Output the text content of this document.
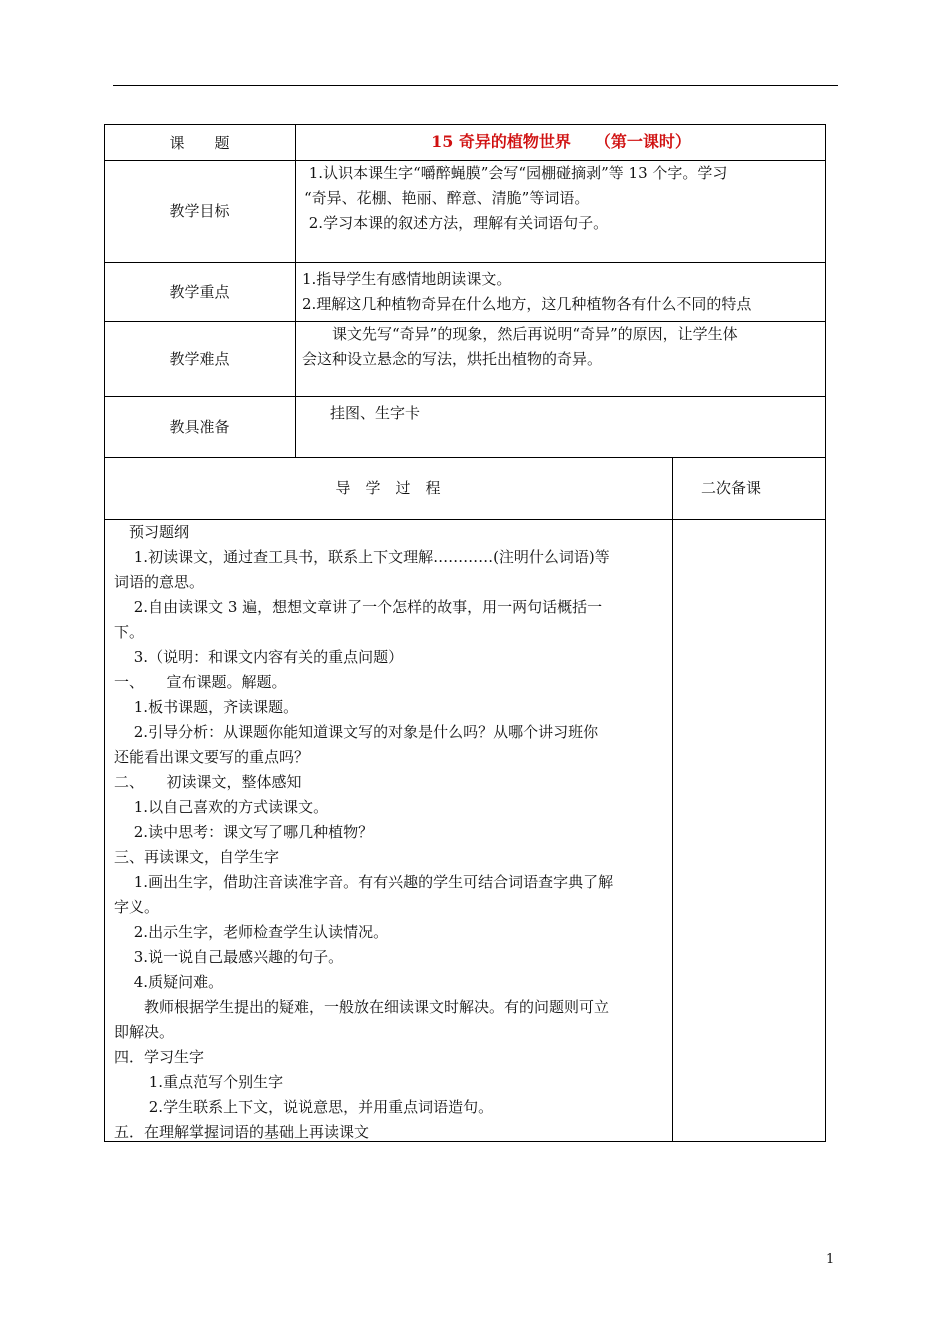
课　　题	15 奇异的植物世界　　（第一课时）
教学目标
1.认识本课生字“嚼醉蝇膜”会写“园棚碰摘剥”等 13 个字。学习
“奇异、花棚、艳丽、醉意、清脆”等词语。
2.学习本课的叙述方法，理解有关词语句子。
教学重点
1.指导学生有感情地朗读课文。
2.理解这几种植物奇异在什么地方，这几种植物各有什么不同的特点
教学难点
　　课文先写“奇异”的现象，然后再说明“奇异”的原因，让学生体
会这种设立悬念的写法，烘托出植物的奇异。
教具准备
挂图、生字卡
导　学　过　程	二次备课
　预习题纲
　 1.初读课文，通过查工具书，联系上下文理解…………(注明什么词语)等
词语的意思。
　 2.自由读课文 3 遍，想想文章讲了一个怎样的故事，用一两句话概括一
下。
　 3.（说明：和课文内容有关的重点问题）
一、　　宣布课题。解题。
　 1.板书课题，齐读课题。
　 2.引导分析：从课题你能知道课文写的对象是什么吗？从哪个讲习班你
还能看出课文要写的重点吗？
二、　　初读课文，整体感知
　 1.以自己喜欢的方式读课文。
　 2.读中思考：课文写了哪几种植物？
三、再读课文，自学生字
　 1.画出生字，借助注音读准字音。有有兴趣的学生可结合词语查字典了解
字义。
　 2.出示生字，老师检查学生认读情况。
　 3.说一说自己最感兴趣的句子。
　 4.质疑问难。
　　教师根据学生提出的疑难，一般放在细读课文时解决。有的问题则可立
即解决。
四．学习生字
　　 1.重点范写个别生字
　　 2.学生联系上下文，说说意思，并用重点词语造句。
五．在理解掌握词语的基础上再读课文
1
